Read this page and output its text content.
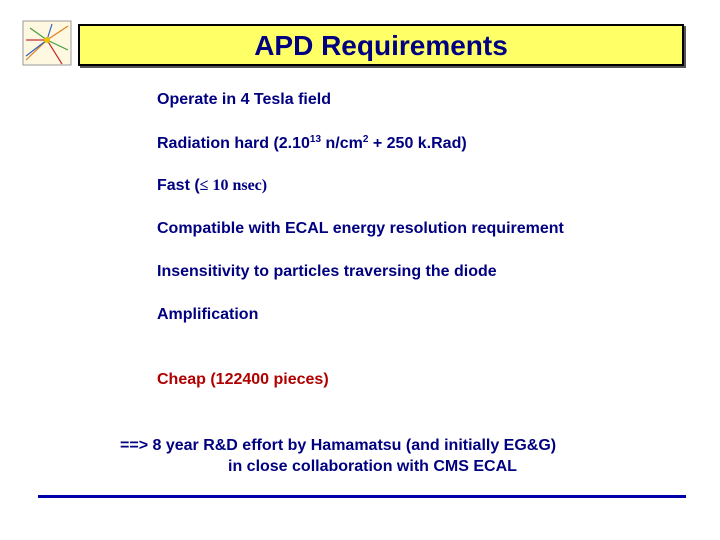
APD Requirements
Operate in 4 Tesla field
Radiation hard (2.10$^{13}$ $n/cm^2 + 250$ k.Rad)
Fast (≤ 10 nsec)
Compatible with ECAL energy resolution requirement
Insensitivity to particles traversing the diode
Amplification
Cheap (122400 pieces)
==> 8 year R&D effort by Hamamatsu (and initially EG&G)
in close collaboration with CMS ECAL
